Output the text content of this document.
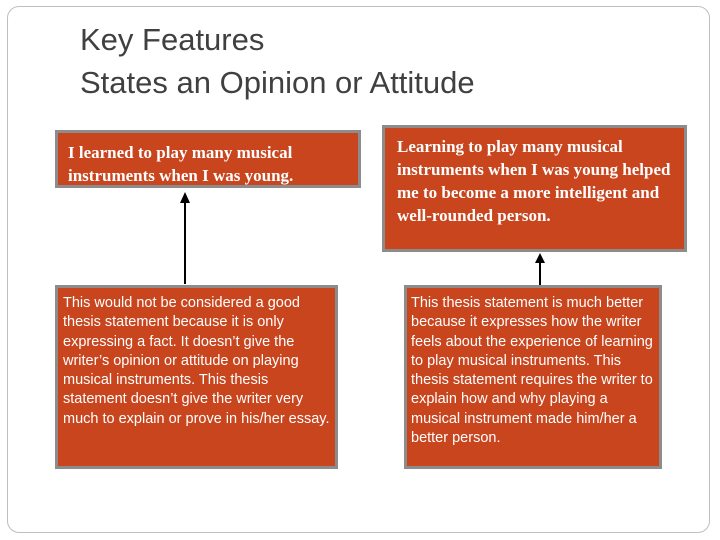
Key Features
States an Opinion or Attitude
I learned to play many musical instruments when I was young.
Learning to play many musical instruments when I was young helped me to become a more intelligent and well-rounded person.
This would not be considered a good thesis statement because it is only expressing a fact. It doesn’t give the writer’s opinion or attitude on playing musical instruments. This thesis statement doesn’t give the writer very much to explain or prove in his/her essay.
This thesis statement is much better because it expresses how the writer feels about the experience of learning to play musical instruments. This thesis statement requires the writer to explain how and why playing a musical instrument made him/her a better person.
